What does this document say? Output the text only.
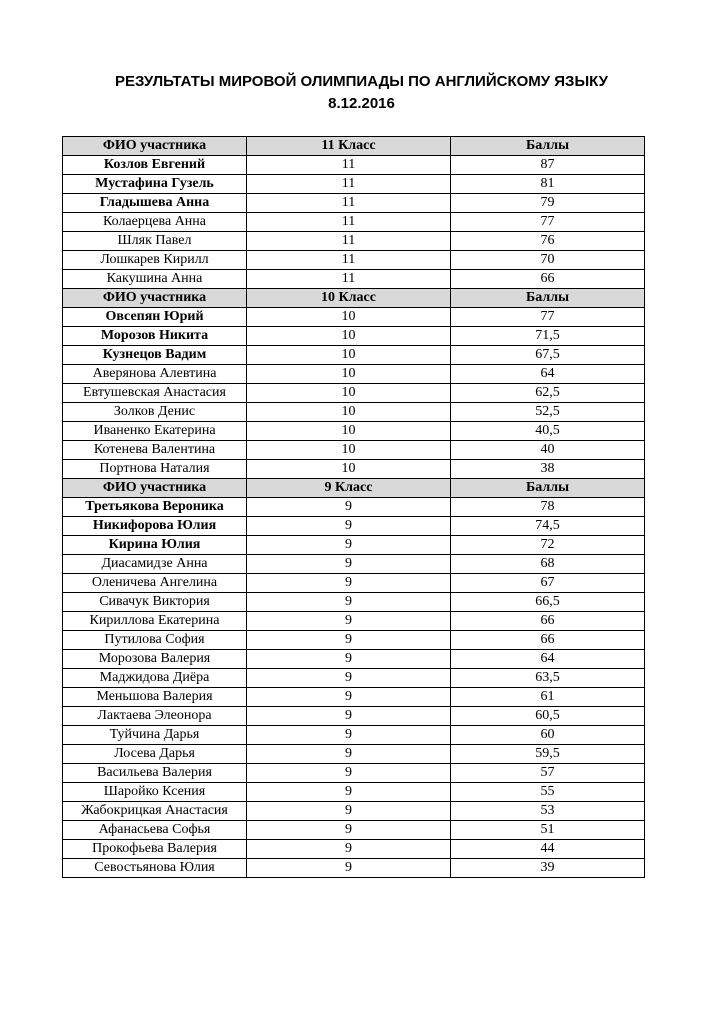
РЕЗУЛЬТАТЫ МИРОВОЙ ОЛИМПИАДЫ ПО АНГЛИЙСКОМУ ЯЗЫКУ
8.12.2016
ФИО участника	11 Класс	Баллы
Козлов Евгений	11	87
Мустафина Гузель	11	81
Гладышева Анна	11	79
Колаерцева Анна	11	77
Шляк Павел	11	76
Лошкарев Кирилл	11	70
Какушина Анна	11	66
ФИО участника	10 Класс	Баллы
Овсепян Юрий	10	77
Морозов Никита	10	71,5
Кузнецов Вадим	10	67,5
Аверянова Алевтина	10	64
Евтушевская Анастасия	10	62,5
Золков Денис	10	52,5
Иваненко Екатерина	10	40,5
Котенева Валентина	10	40
Портнова Наталия	10	38
ФИО участника	9 Класс	Баллы
Третьякова Вероника	9	78
Никифорова Юлия	9	74,5
Кирина Юлия	9	72
Диасамидзе Анна	9	68
Оленичева Ангелина	9	67
Сивачук Виктория	9	66,5
Кириллова Екатерина	9	66
Путилова София	9	66
Морозова Валерия	9	64
Маджидова Диёра	9	63,5
Меньшова Валерия	9	61
Лактаева Элеонора	9	60,5
Туйчина Дарья	9	60
Лосева Дарья	9	59,5
Васильева Валерия	9	57
Шаройко Ксения	9	55
Жабокрицкая Анастасия	9	53
Афанасьева Софья	9	51
Прокофьева Валерия	9	44
Севостьянова Юлия	9	39
